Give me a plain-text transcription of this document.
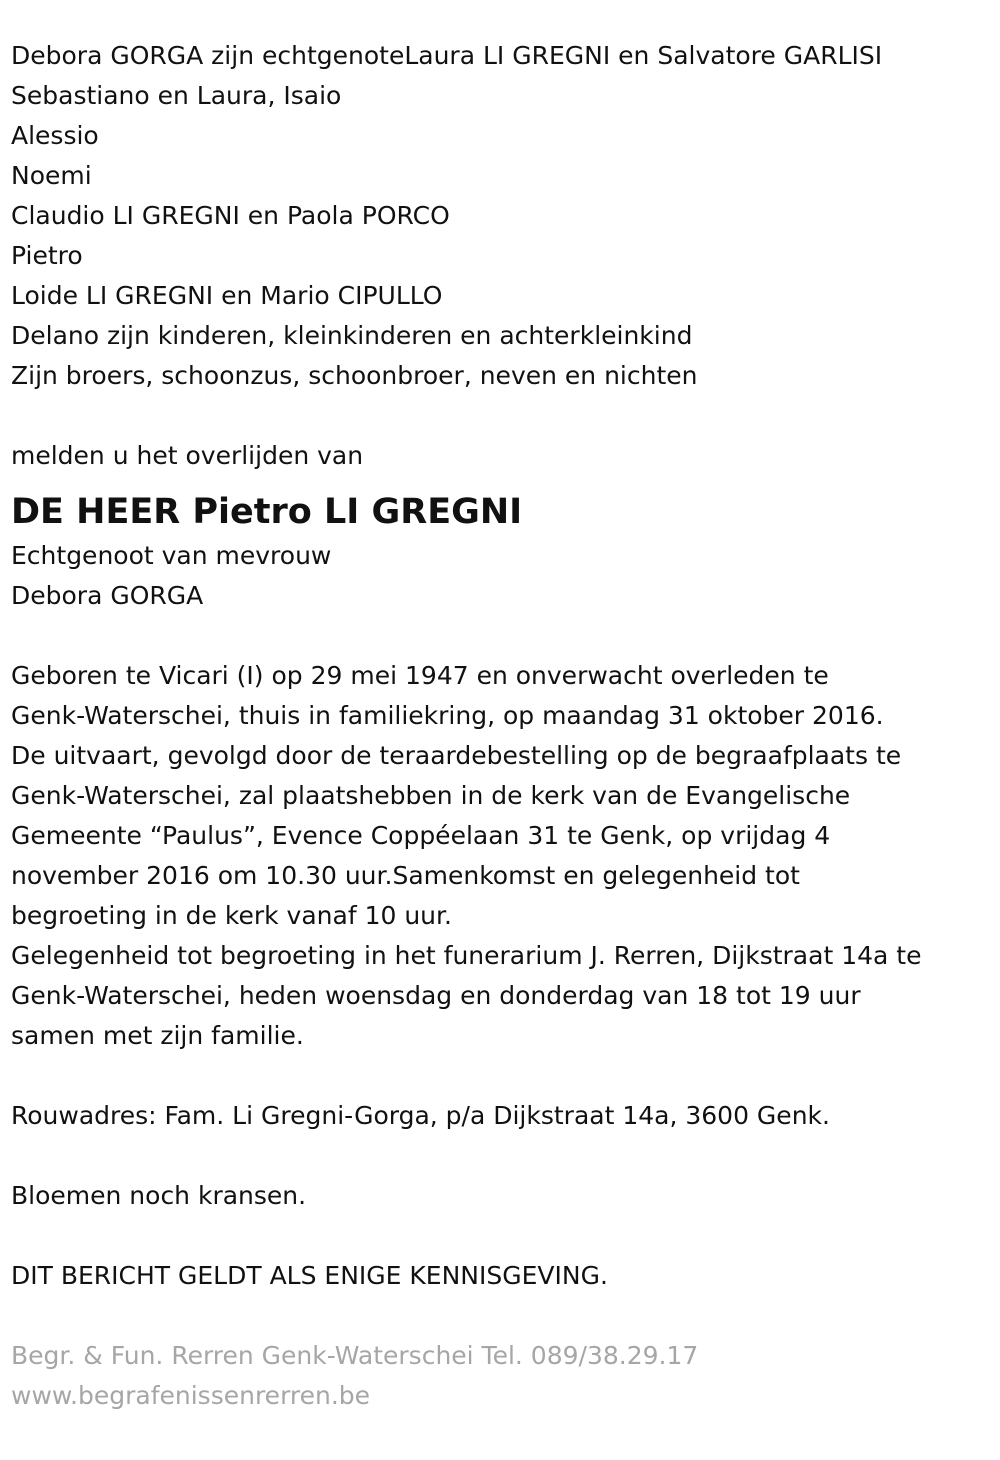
Debora GORGA zijn echtgenoteLaura LI GREGNI en Salvatore GARLISI
Sebastiano en Laura, Isaio
Alessio
Noemi
Claudio LI GREGNI en Paola PORCO
Pietro
Loide LI GREGNI en Mario CIPULLO
Delano zijn kinderen, kleinkinderen en achterkleinkind
Zijn broers, schoonzus, schoonbroer, neven en nichten
melden u het overlijden van
DE HEER Pietro LI GREGNI
Echtgenoot van mevrouw
Debora GORGA
Geboren te Vicari (I) op 29 mei 1947 en onverwacht overleden te
Genk-Waterschei, thuis in familiekring, op maandag 31 oktober 2016.
De uitvaart, gevolgd door de teraardebestelling op de begraafplaats te
Genk-Waterschei, zal plaatshebben in de kerk van de Evangelische
Gemeente “Paulus”, Evence Coppéelaan 31 te Genk, op vrijdag 4
november 2016 om 10.30 uur.Samenkomst en gelegenheid tot
begroeting in de kerk vanaf 10 uur.
Gelegenheid tot begroeting in het funerarium J. Rerren, Dijkstraat 14a te
Genk-Waterschei, heden woensdag en donderdag van 18 tot 19 uur
samen met zijn familie.
Rouwadres: Fam. Li Gregni-Gorga, p/a Dijkstraat 14a, 3600 Genk.
Bloemen noch kransen.
DIT BERICHT GELDT ALS ENIGE KENNISGEVING.
Begr. & Fun. Rerren Genk-Waterschei Tel. 089/38.29.17
www.begrafenissenrerren.be
